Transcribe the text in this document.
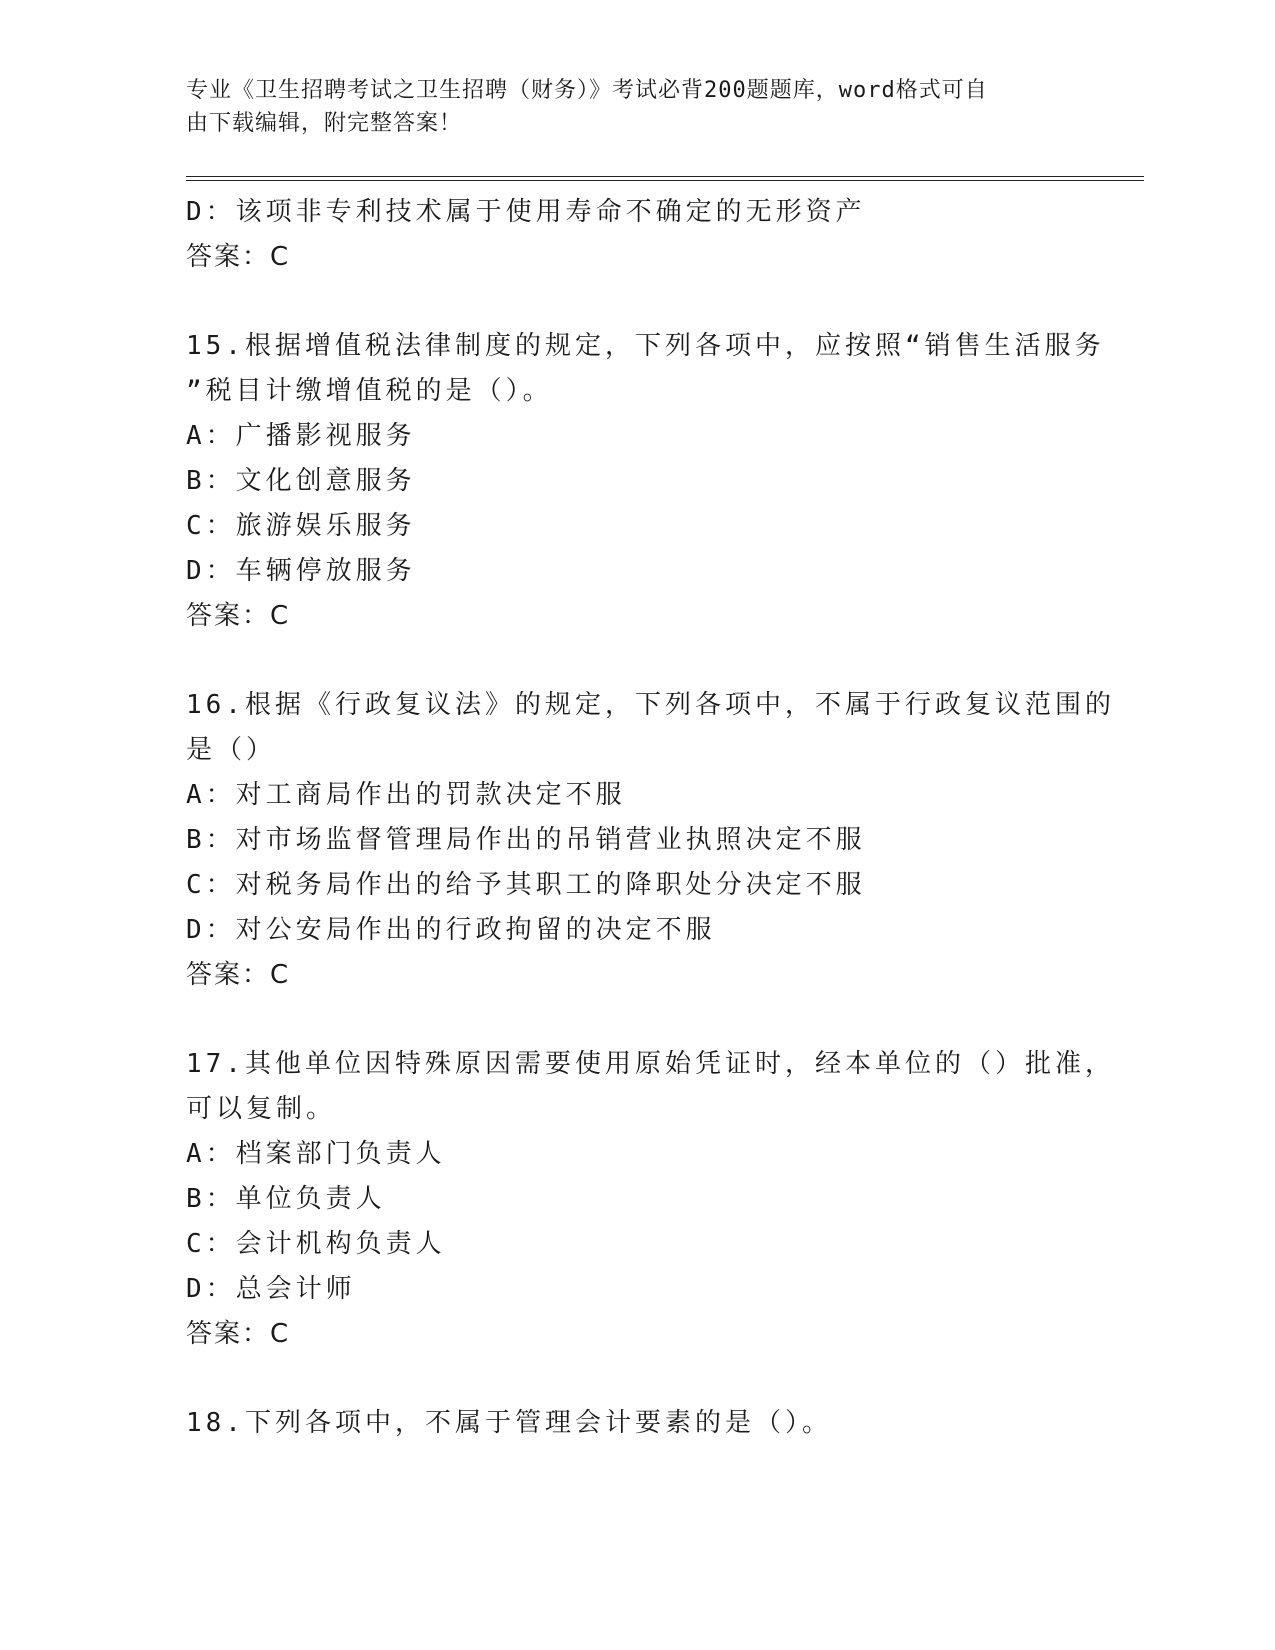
专业《卫生招聘考试之卫生招聘（财务）》考试必背200题题库，word格式可自
由下载编辑，附完整答案！
D：该项非专利技术属于使用寿命不确定的无形资产
答案：C
15.根据增值税法律制度的规定，下列各项中，应按照“销售生活服务
”税目计缴增值税的是（）。
A：广播影视服务
B：文化创意服务
C：旅游娱乐服务
D：车辆停放服务
答案：C
16.根据《行政复议法》的规定，下列各项中，不属于行政复议范围的
是（）
A：对工商局作出的罚款决定不服
B：对市场监督管理局作出的吊销营业执照决定不服
C：对税务局作出的给予其职工的降职处分决定不服
D：对公安局作出的行政拘留的决定不服
答案：C
17.其他单位因特殊原因需要使用原始凭证时，经本单位的（）批准，
可以复制。
A：档案部门负责人
B：单位负责人
C：会计机构负责人
D：总会计师
答案：C
18.下列各项中，不属于管理会计要素的是（）。
